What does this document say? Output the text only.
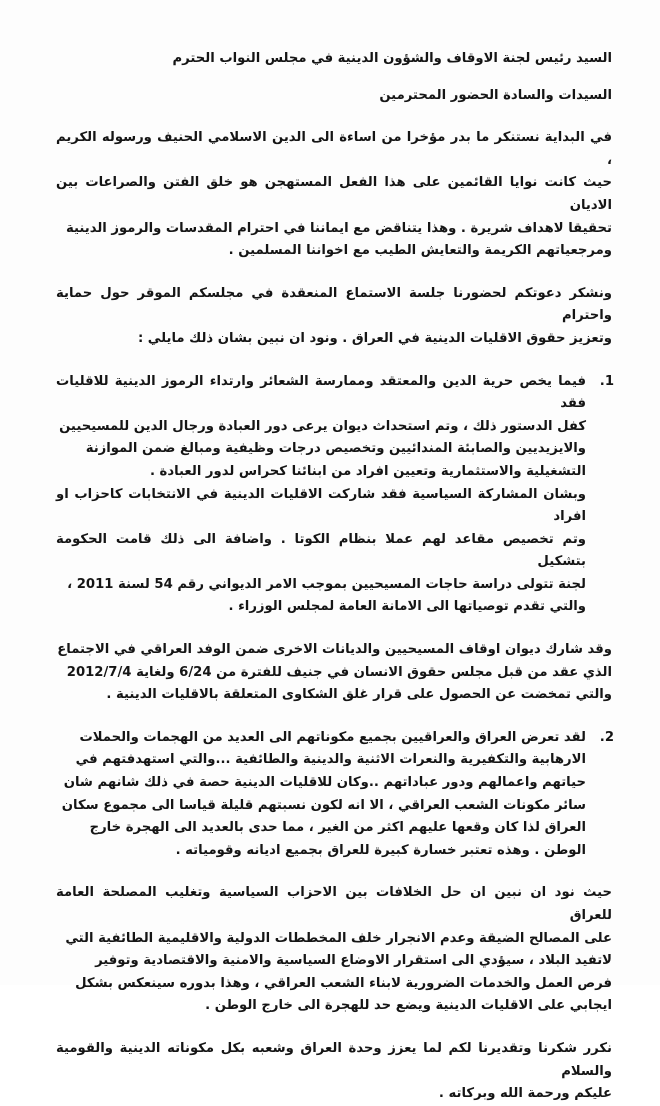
السيد رئيس لجنة الاوقاف والشؤون الدينية في مجلس النواب الحترم
السيدات والسادة الحضور المحترمين

في البداية نستنكر ما بدر مؤخرا من اساءة الى الدين الاسلامي الحنيف ورسوله الكريم ،

حيث كانت نوايا القائمين على هذا الفعل المستهجن هو خلق الفتن والصراعات بين الاديان

تحقيقا لاهداف شريرة . وهذا يتناقض مع ايماننا في احترام المقدسات والرموز الدينية

ومرجعياتهم الكريمة والتعايش الطيب مع اخواننا المسلمين .

ونشكر دعوتكم لحضورنا جلسة الاستماع المنعقدة في مجلسكم الموقر حول حماية واحترام

وتعزيز حقوق الاقليات الدينية في العراق . ونود ان نبين بشان ذلك مايلي :

1.

فيما يخص حرية الدين والمعتقد وممارسة الشعائر وارتداء الرموز الدينية للاقليات فقد

كفل الدستور ذلك ، وتم استحداث ديوان يرعى دور العبادة ورجال الدين للمسيحيين

والايزيديين والصابئة المندائيين وتخصيص درجات وظيفية ومبالغ ضمن الموازنة

التشغيلية والاستثمارية وتعيين افراد من ابنائنا كحراس لدور العبادة .

وبشان المشاركة السياسية فقد شاركت الاقليات الدينية في الانتخابات كاحزاب او افراد

وتم تخصيص مقاعد لهم عملا بنظام الكوتا . واضافة الى ذلك قامت الحكومة بتشكيل

لجنة تتولى دراسة حاجات المسيحيين بموجب الامر الديواني رقم 54 لسنة 2011 ،

والتي تقدم توصياتها الى الامانة العامة لمجلس الوزراء .

وقد شارك ديوان اوقاف المسيحيين والديانات الاخرى ضمن الوفد العراقي في الاجتماع

الذي عقد من قبل مجلس حقوق الانسان في جنيف للفترة من 6/24 ولغاية 2012/7/4

والتي تمخضت عن الحصول على قرار غلق الشكاوى المتعلقة بالاقليات الدينية .

2.

لقد تعرض العراق والعراقيين بجميع مكوناتهم الى العديد من الهجمات والحملات

الارهابية والتكفيرية والنعرات الاثنية والدينية والطائفية ...والتي استهدفتهم في

حياتهم واعمالهم ودور عباداتهم ..وكان للاقليات الدينية حصة في ذلك شانهم شان

سائر مكونات الشعب العراقي ، الا انه لكون نسبتهم قليلة قياسا الى مجموع سكان

العراق لذا كان وقعها عليهم اكثر من الغير ، مما حدى بالعديد الى الهجرة خارج

الوطن . وهذه تعتبر خسارة كبيرة للعراق بجميع اديانه وقومياته .

حيث نود ان نبين ان حل الخلافات بين الاحزاب السياسية وتغليب المصلحة العامة للعراق

على المصالح الضيقة وعدم الانجرار خلف المخططات الدولية والاقليمية الطائفية التي

لاتفيد البلاد ، سيؤدي الى استقرار الاوضاع السياسية والامنية والاقتصادية وتوفير

فرص العمل والخدمات الضرورية لابناء الشعب العراقي ، وهذا بدوره سينعكس بشكل

ايجابي على الاقليات الدينية ويضع حد للهجرة الى خارج الوطن .

نكرر شكرنا وتقديرنا لكم لما يعزز وحدة العراق وشعبه بكل مكوناته الدينية والقومية والسلام

عليكم ورحمة الله وبركاته .
